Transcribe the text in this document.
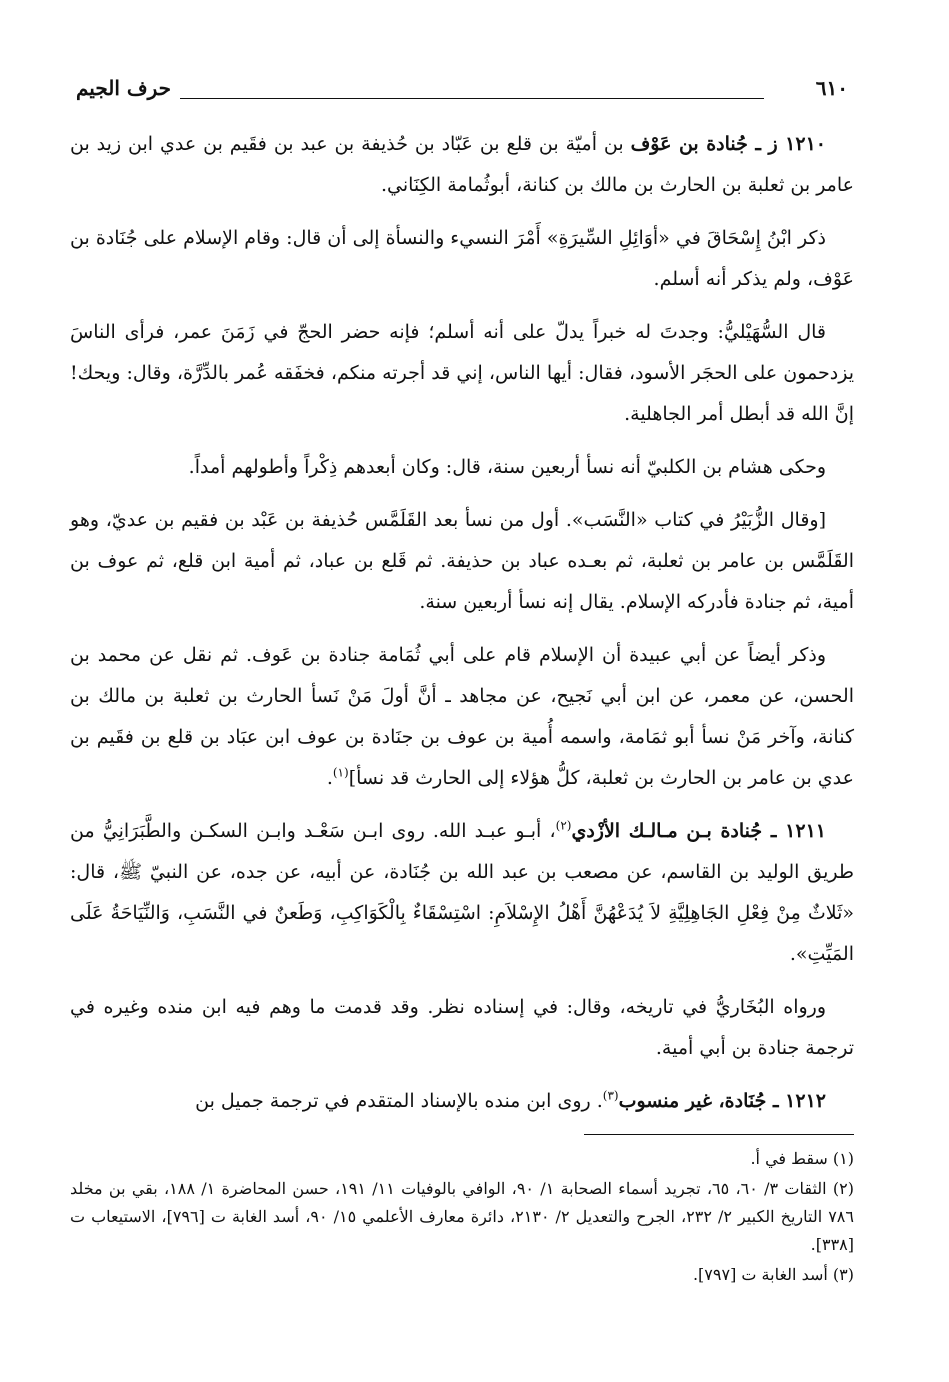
٦١٠
حرف الجيم

١٢١٠ ز ـ جُنادة بن عَوْف بن أميّة بن قلع بن عَبّاد بن حُذيفة بن عبد بن فقَيم بن عدي ابن زيد بن عامر بن ثعلبة بن الحارث بن مالك بن كنانة، أبوثُمامة الكِنَاني.

ذكر ابْنُ إِسْحَاقَ في «أوَائِلِ السِّيرَةِ» أَمْرَ النسيء والنسأة إلى أن قال: وقام الإسلام على جُنَادة بن عَوْف، ولم يذكر أنه أسلم.

قال السُّهَيْليُّ: وجدتَ له خبراً يدلّ على أنه أسلم؛ فإنه حضر الحجّ في زَمَنَ عمر، فرأى الناسَ يزدحمون على الحجَر الأسود، فقال: أيها الناس، إني قد أجرته منكم، فخفَقه عُمر بالدِّرَّة، وقال: ويحك! إنَّ الله قد أبطل أمر الجاهلية.

وحكى هشام بن الكلبيّ أنه نسأ أربعين سنة، قال: وكان أبعدهم ذِكْراً وأطولهم أمداً.

[وقال الزُّبَيْرُ في كتاب «النَّسَب». أول من نسأ بعد القَلَمَّس حُذيفة بن عَبْد بن فقيم بن عديّ، وهو القَلَمَّس بن عامر بن ثعلبة، ثم بعـده عباد بن حذيفة. ثم قَلع بن عباد، ثم أمية ابن قلع، ثم عوف بن أمية، ثم جنادة فأدركه الإسلام. يقال إنه نسأ أربعين سنة.

وذكر أيضاً عن أبي عبيدة أن الإسلام قام على أبي ثُمَامة جنادة بن عَوف. ثم نقل عن محمد بن الحسن، عن معمر، عن ابن أبي نَجيح، عن مجاهد ـ أنَّ أولَ مَنْ نَسأ الحارث بن ثعلبة بن مالك بن كنانة، وآخر مَنْ نسأ أبو ثمَامة، واسمه أُمية بن عوف بن جنَادة بن عوف ابن عبَاد بن قلع بن فقَيم بن عدي بن عامر بن الحارث بن ثعلبة، كلُّ هؤلاء إلى الحارث قد نسأ]$^{(١)}$.

١٢١١ ـ جُنادة بـن مـالـك الأزْدي$^{(٢)}$، أبـو عبـد الله. روى ابـن سَعْـد وابـن السكـن والطَّبَرَانِيُّ من طريق الوليد بن القاسم، عن مصعب بن عبد الله بن جُنَادة، عن أبيه، عن جده، عن النبيّ ﷺ، قال: «ثَلاثٌ مِنْ فِعْلِ الجَاهِلِيَّةِ لاَ يُدَعْهُنَّ أَهْلُ الإِسْلاَمِ: اسْتِسْقَاءٌ بِالْكَوَاكِبِ، وَطَعنٌ في النَّسَبِ، وَالنِّيَاحَةُ عَلَى المَيِّتِ».

ورواه البُخَاريُّ في تاريخه، وقال: في إسناده نظر. وقد قدمت ما وهم فيه ابن منده وغيره في ترجمة جنادة بن أبي أمية.

١٢١٢ ـ جُنَادة، غير منسوب$^{(٣)}$. روى ابن منده بالإسناد المتقدم في ترجمة جميل بن

(١) سقط في أ.

(٢) الثقات ٣/ ٦٠، ٦٥، تجريد أسماء الصحابة ١/ ٩٠، الوافي بالوفيات ١١/ ١٩١، حسن المحاضرة ١/ ١٨٨، بقي بن مخلد ٧٨٦ التاريخ الكبير ٢/ ٢٣٢، الجرح والتعديل ٢/ ٢١٣٠، دائرة معارف الأعلمي ١٥/ ٩٠، أسد الغابة ت [٧٩٦]، الاستيعاب ت [٣٣٨].

(٣) أسد الغابة ت [٧٩٧].
